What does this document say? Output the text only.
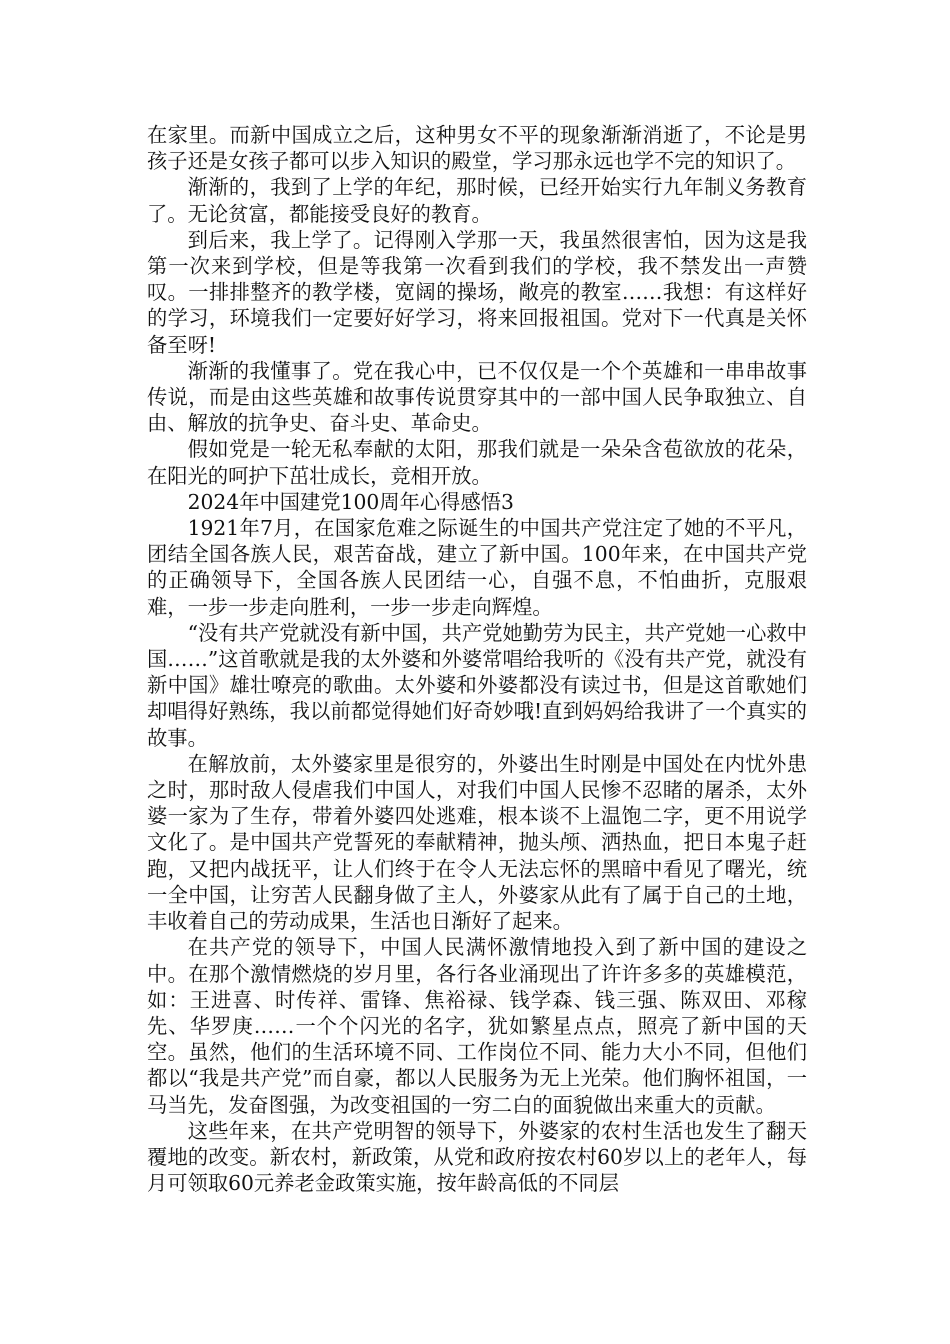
在家里。而新中国成立之后，这种男女不平的现象渐渐消逝了，不论是男孩子还是女孩子都可以步入知识的殿堂，学习那永远也学不完的知识了。

渐渐的，我到了上学的年纪，那时候，已经开始实行九年制义务教育了。无论贫富，都能接受良好的教育。

到后来，我上学了。记得刚入学那一天，我虽然很害怕，因为这是我第一次来到学校，但是等我第一次看到我们的学校，我不禁发出一声赞叹。一排排整齐的教学楼，宽阔的操场，敞亮的教室……我想：有这样好的学习，环境我们一定要好好学习，将来回报祖国。党对下一代真是关怀备至呀!

渐渐的我懂事了。党在我心中，已不仅仅是一个个英雄和一串串故事传说，而是由这些英雄和故事传说贯穿其中的一部中国人民争取独立、自由、解放的抗争史、奋斗史、革命史。

假如党是一轮无私奉献的太阳，那我们就是一朵朵含苞欲放的花朵，在阳光的呵护下茁壮成长，竞相开放。

2024年中国建党100周年心得感悟3

1921年7月，在国家危难之际诞生的中国共产党注定了她的不平凡，团结全国各族人民，艰苦奋战，建立了新中国。100年来，在中国共产党的正确领导下，全国各族人民团结一心，自强不息，不怕曲折，克服艰难，一步一步走向胜利，一步一步走向辉煌。

“没有共产党就没有新中国，共产党她勤劳为民主，共产党她一心救中国……”这首歌就是我的太外婆和外婆常唱给我听的《没有共产党，就没有新中国》雄壮嘹亮的歌曲。太外婆和外婆都没有读过书，但是这首歌她们却唱得好熟练，我以前都觉得她们好奇妙哦!直到妈妈给我讲了一个真实的故事。

在解放前，太外婆家里是很穷的，外婆出生时刚是中国处在内忧外患之时，那时敌人侵虐我们中国人，对我们中国人民惨不忍睹的屠杀，太外婆一家为了生存，带着外婆四处逃难，根本谈不上温饱二字，更不用说学文化了。是中国共产党誓死的奉献精神，抛头颅、洒热血，把日本鬼子赶跑，又把内战抚平，让人们终于在令人无法忘怀的黑暗中看见了曙光，统一全中国，让穷苦人民翻身做了主人，外婆家从此有了属于自己的土地，丰收着自己的劳动成果，生活也日渐好了起来。

在共产党的领导下，中国人民满怀激情地投入到了新中国的建设之中。在那个激情燃烧的岁月里，各行各业涌现出了许许多多的英雄模范，如：王进喜、时传祥、雷锋、焦裕禄、钱学森、钱三强、陈双田、邓稼先、华罗庚……一个个闪光的名字，犹如繁星点点，照亮了新中国的天空。虽然，他们的生活环境不同、工作岗位不同、能力大小不同，但他们都以“我是共产党”而自豪，都以人民服务为无上光荣。他们胸怀祖国，一马当先，发奋图强，为改变祖国的一穷二白的面貌做出来重大的贡献。

这些年来，在共产党明智的领导下，外婆家的农村生活也发生了翻天覆地的改变。新农村，新政策，从党和政府按农村60岁以上的老年人，每月可领取60元养老金政策实施，按年龄高低的不同层
